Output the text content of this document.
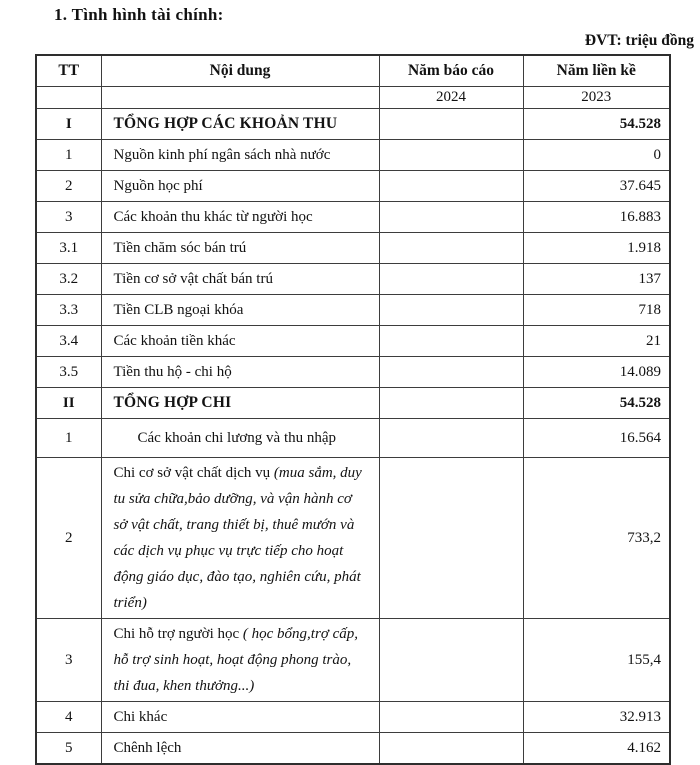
1. Tình hình tài chính:
ĐVT: triệu đồng
TT	Nội dung	Năm báo cáo	Năm liền kề
		2024	2023
I	TỔNG HỢP CÁC KHOẢN THU		54.528
1	Nguồn kinh phí ngân sách nhà nước		0
2	Nguồn học phí		37.645
3	Các khoản thu khác từ người học		16.883
3.1	Tiền chăm sóc bán trú		1.918
3.2	Tiền cơ sở vật chất bán trú		137
3.3	Tiền CLB ngoại khóa		718
3.4	Các khoản tiền khác		21
3.5	Tiền thu hộ - chi hộ		14.089
II	TỔNG HỢP CHI		54.528
1	Các khoản chi lương và thu nhập		16.564
2	Chi cơ sở vật chất dịch vụ (mua sắm, duy tu sửa chữa,bảo dưỡng, và vận hành cơ sở vật chất, trang thiết bị, thuê mướn và các dịch vụ phục vụ trực tiếp cho hoạt động giáo dục, đào tạo, nghiên cứu, phát triển)		733,2
3	Chi hỗ trợ người học ( học bổng,trợ cấp, hỗ trợ sinh hoạt, hoạt động phong trào, thi đua, khen thưởng...)		155,4
4	Chi khác		32.913
5	Chênh lệch		4.162
